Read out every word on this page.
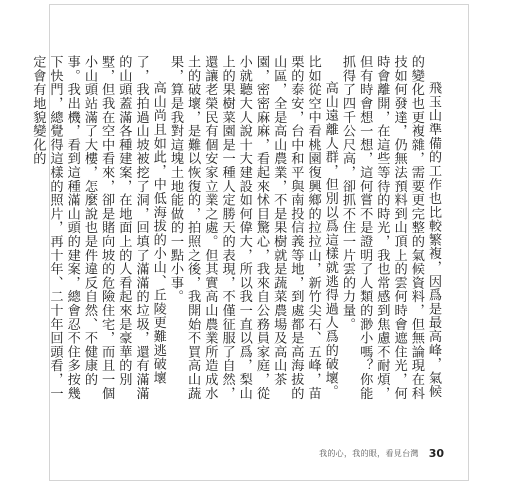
飛玉山準備的工作也比較繁複，因爲是最高峰，氣候的變化也更複雜，需要更完整的氣候資料，但無論現在科技如何發達，仍無法預料到山頂上的雲何時會遮住光，何時會離開，在這些等待的時光，我也常感到焦慮不耐煩，但有時會想一想，這何嘗不是證明了人類的渺小嗎？你能抓得了四千公尺高，卻抓不住一片雲的力量。

高山遠離人群，但別以爲這樣就逃得過人爲的破壞。比如從空中看桃園復興鄉的拉拉山，新竹尖石、五峰，苗栗的泰安，台中和平與南投信義等地，到處都是高海拔的山區，全是高山農業，不是果樹就是蔬菜農場及高山茶園，密密麻麻，看起來怵目驚心，我來自公務員家庭，從小就聽大人說十大建設如何偉大，所以我一直以爲，梨山上的果樹菜園是一種人定勝天的表現，不僅征服了自然，還讓老榮民有個安家立業之處。但其實高山農業所造成水土的破壞，是難以恢復的，拍照之後，我開始不買高山蔬果，算是我對這塊土地能做的一點小事。

高山尚且如此，中低海拔的小山、丘陵更難逃破壞了，我拍過山坡被挖了洞，回填了滿滿的垃圾，還有滿滿的山頭蓋滿各種建案，在地面上的人看起來是豪華的別墅，但我在空中看來，卻是賭向坡的危險住宅，而且一個小山頭站滿了大樓，怎麼說也是件違反自然、不健康的事。我出機，看到這種滿山頭的建案，總會忍不住多按幾下快門，總覺得這樣的照片，再十年、二十年回頭看，一定會有地貌變化的

我的心，我的眼，看見台灣 30
